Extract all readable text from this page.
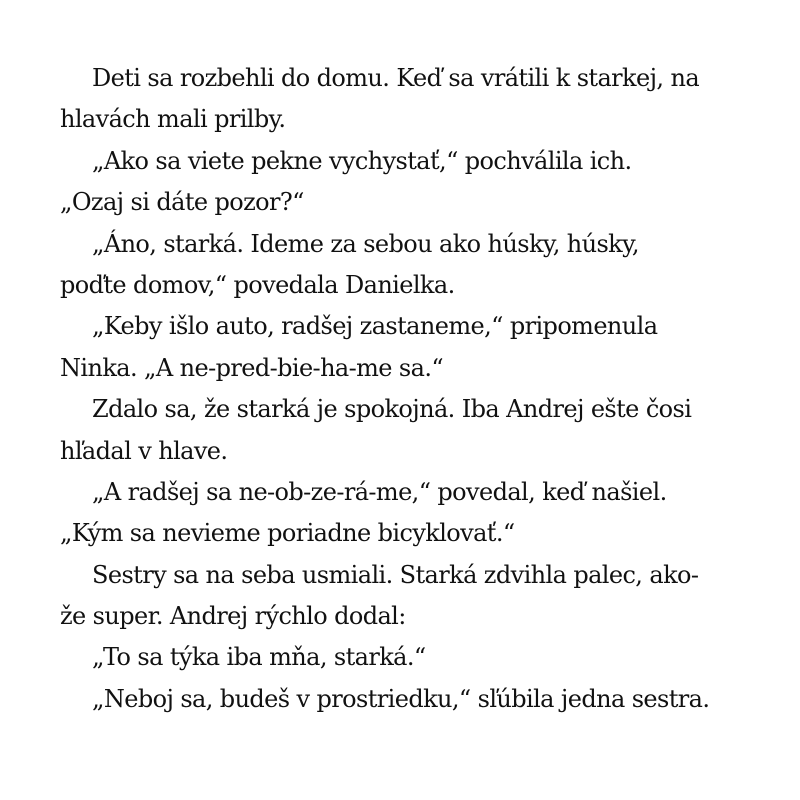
Deti sa rozbehli do domu. Keď sa vrátili k starkej, na
hlavách mali prilby.
„Ako sa viete pekne vychystať,“ pochválila ich.
„Ozaj si dáte pozor?“
„Áno, starká. Ideme za sebou ako húsky, húsky,
poďte domov,“ povedala Danielka.
„Keby išlo auto, radšej zastaneme,“ pripomenula
Ninka. „A ne-pred-bie-ha-me sa.“
Zdalo sa, že starká je spokojná. Iba Andrej ešte čosi
hľadal v hlave.
„A radšej sa ne-ob-ze-rá-me,“ povedal, keď našiel.
„Kým sa nevieme poriadne bicyklovať.“
Sestry sa na seba usmiali. Starká zdvihla palec, ako-
že super. Andrej rýchlo dodal:
„To sa týka iba mňa, starká.“
„Neboj sa, budeš v prostriedku,“ sľúbila jedna sestra.
